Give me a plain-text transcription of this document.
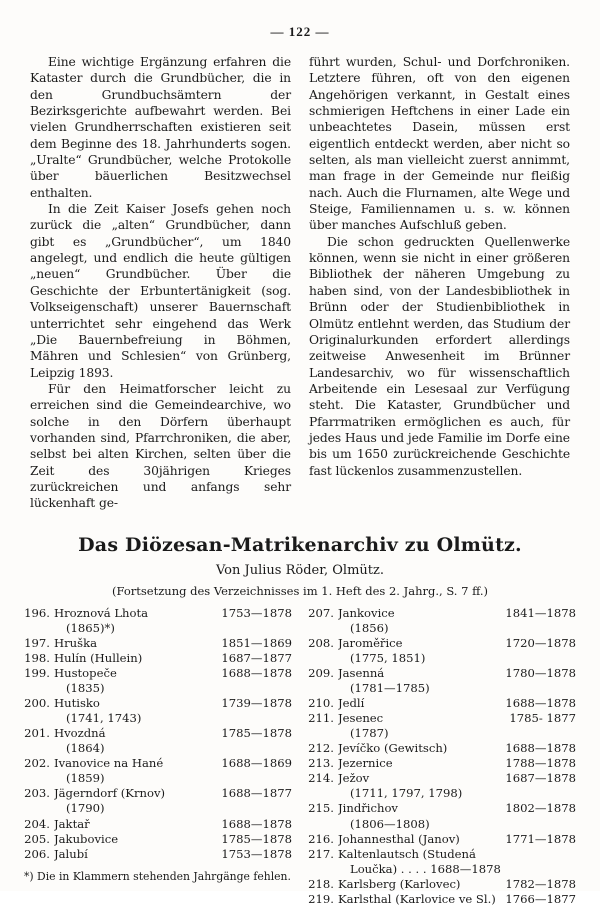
— 122 —

Eine wichtige Ergänzung erfahren die Kataster durch die Grundbücher, die in den Grundbuchsämtern der Bezirksgerichte aufbewahrt werden. Bei vielen Grundherrschaften existieren seit dem Beginne des 18. Jahrhunderts sogen. „Uralte“ Grundbücher, welche Protokolle über bäuerlichen Besitzwechsel enthalten.

In die Zeit Kaiser Josefs gehen noch zurück die „alten“ Grundbücher, dann gibt es „Grundbücher“, um 1840 angelegt, und endlich die heute gültigen „neuen“ Grundbücher. Über die Geschichte der Erbuntertänigkeit (sog. Volkseigenschaft) unserer Bauernschaft unterrichtet sehr eingehend das Werk „Die Bauernbefreiung in Böhmen, Mähren und Schlesien“ von Grünberg, Leipzig 1893.

Für den Heimatforscher leicht zu erreichen sind die Gemeindearchive, wo solche in den Dörfern überhaupt vorhanden sind, Pfarrchroniken, die aber, selbst bei alten Kirchen, selten über die Zeit des 30jährigen Krieges zurückreichen und anfangs sehr lückenhaft ge-

führt wurden, Schul- und Dorfchroniken. Letztere führen, oft von den eigenen Angehörigen verkannt, in Gestalt eines schmierigen Heftchens in einer Lade ein unbeachtetes Dasein, müssen erst eigentlich entdeckt werden, aber nicht so selten, als man vielleicht zuerst annimmt, man frage in der Gemeinde nur fleißig nach. Auch die Flurnamen, alte Wege und Steige, Familiennamen u. s. w. können über manches Aufschluß geben.

Die schon gedruckten Quellenwerke können, wenn sie nicht in einer größeren Bibliothek der näheren Umgebung zu haben sind, von der Landesbibliothek in Brünn oder der Studienbibliothek in Olmütz entlehnt werden, das Studium der Originalurkunden erfordert allerdings zeitweise Anwesenheit im Brünner Landesarchiv, wo für wissenschaftlich Arbeitende ein Lesesaal zur Verfügung steht. Die Kataster, Grundbücher und Pfarrmatriken ermöglichen es auch, für jedes Haus und jede Familie im Dorfe eine bis um 1650 zurückreichende Geschichte fast lückenlos zusammenzustellen.

Das Diözesan-Matrikenarchiv zu Olmütz.
Von Julius Röder, Olmütz.
(Fortsetzung des Verzeichnisses im 1. Heft des 2. Jahrg., S. 7 ff.)
196. Hroznová Lhota	1753—1878
(1865)*)
197. Hruška	1851—1869
198. Hulín (Hullein)	1687—1877
199. Hustopeče	1688—1878
(1835)
200. Hutisko	1739—1878
(1741, 1743)
201. Hvozdná	1785—1878
(1864)
202. Ivanovice na Hané	1688—1869
(1859)
203. Jägerndorf (Krnov)	1688—1877
(1790)
204. Jaktař	1688—1878
205. Jakubovice	1785—1878
206. Jalubí	1753—1878
*) Die in Klammern stehenden Jahrgänge fehlen.
207. Jankovice	1841—1878
(1856)
208. Jaroměřice	1720—1878
(1775, 1851)
209. Jasenná	1780—1878
(1781—1785)
210. Jedlí	1688—1878
211. Jesenec	1785- 1877
(1787)
212. Jevíčko (Gewitsch)	1688—1878
213. Jezernice	1788—1878
214. Ježov	1687—1878
(1711, 1797, 1798)
215. Jindřichov	1802—1878
(1806—1808)
216. Johannesthal (Janov)	1771—1878
217. Kaltenlautsch (Studená
Loučka) . . . . 1688—1878
218. Karlsberg (Karlovec)	1782—1878
219. Karlsthal (Karlovice ve Sl.) 1766—1877
